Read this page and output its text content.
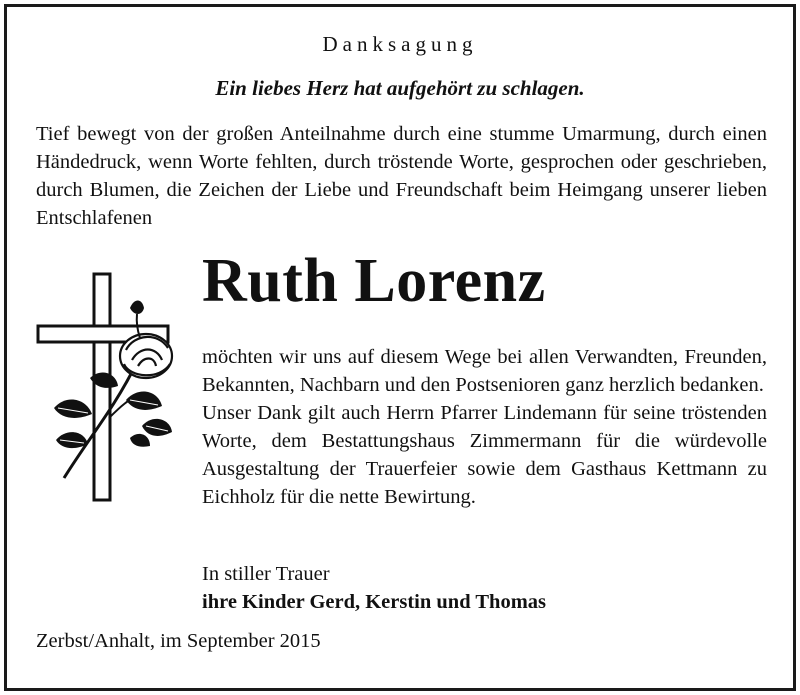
Danksagung
Ein liebes Herz hat aufgehört zu schlagen.
Tief bewegt von der großen Anteilnahme durch eine stumme Umarmung, durch einen Händedruck, wenn Worte fehlten, durch tröstende Worte, gesprochen oder geschrieben, durch Blumen, die Zeichen der Liebe und Freundschaft beim Heimgang unserer lieben Entschlafenen
Ruth Lorenz
möchten wir uns auf diesem Wege bei allen Verwandten, Freunden, Bekannten, Nachbarn und den Postsenioren ganz herzlich bedanken.
Unser Dank gilt auch Herrn Pfarrer Lindemann für seine tröstenden Worte, dem Bestattungshaus Zimmermann für die würdevolle Ausgestaltung der Trauerfeier sowie dem Gasthaus Kettmann zu Eichholz für die nette Bewirtung.
In stiller Trauer
ihre Kinder Gerd, Kerstin und Thomas
Zerbst/Anhalt, im September 2015
